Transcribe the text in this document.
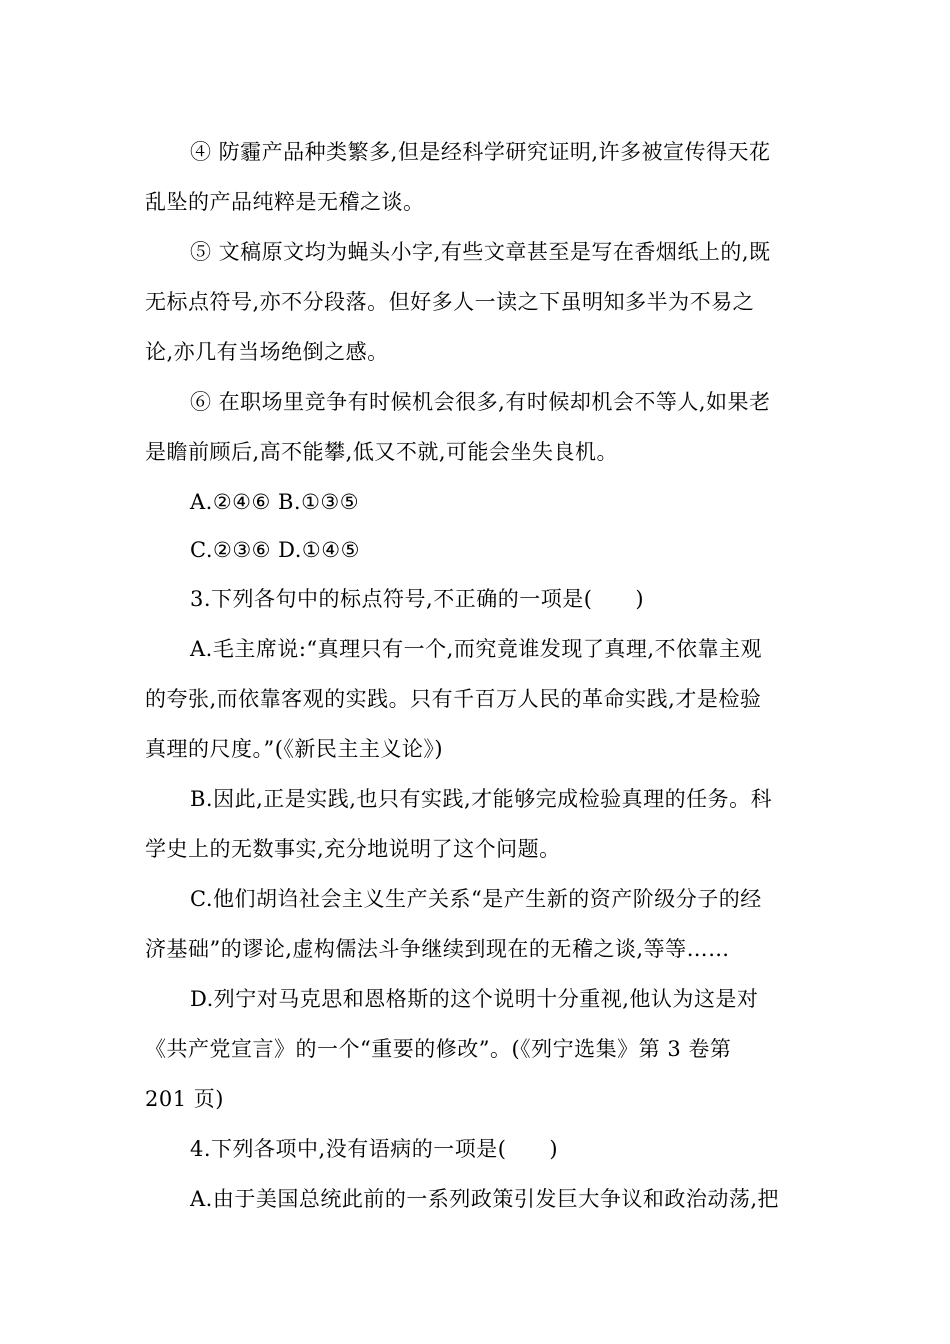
④ 防霾产品种类繁多,但是经科学研究证明,许多被宣传得天花
乱坠的产品纯粹是无稽之谈。
⑤ 文稿原文均为蝇头小字,有些文章甚至是写在香烟纸上的,既
无标点符号,亦不分段落。但好多人一读之下虽明知多半为不易之
论,亦几有当场绝倒之感。
⑥ 在职场里竞争有时候机会很多,有时候却机会不等人,如果老
是瞻前顾后,高不能攀,低又不就,可能会坐失良机。
A.②④⑥ B.①③⑤
C.②③⑥ D.①④⑤
3.下列各句中的标点符号,不正确的一项是(　　)
A.毛主席说:“真理只有一个,而究竟谁发现了真理,不依靠主观
的夸张,而依靠客观的实践。只有千百万人民的革命实践,才是检验
真理的尺度。”(《新民主主义论》)
B.因此,正是实践,也只有实践,才能够完成检验真理的任务。科
学史上的无数事实,充分地说明了这个问题。
C.他们胡诌社会主义生产关系“是产生新的资产阶级分子的经
济基础”的谬论,虚构儒法斗争继续到现在的无稽之谈,等等……
D.列宁对马克思和恩格斯的这个说明十分重视,他认为这是对
《共产党宣言》的一个“重要的修改”。(《列宁选集》第 3 卷第
201 页)
4.下列各项中,没有语病的一项是(　　)
A.由于美国总统此前的一系列政策引发巨大争议和政治动荡,把
